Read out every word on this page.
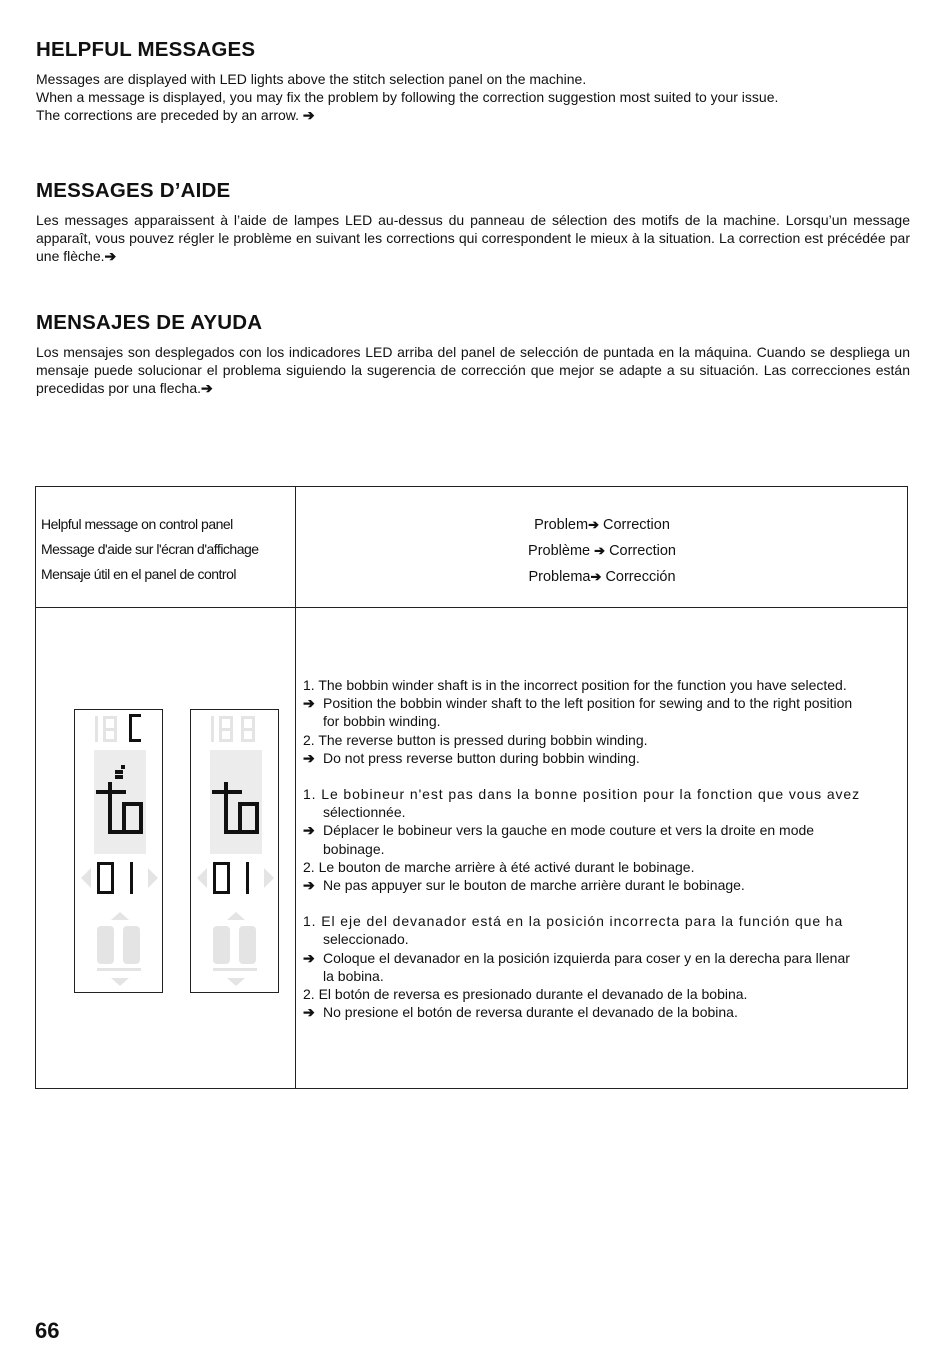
HELPFUL MESSAGES

Messages are displayed with LED lights above the stitch selection panel on the machine.
When a message is displayed, you may fix the problem by following the correction suggestion most suited to your issue.
The corrections are preceded by an arrow. ➔

MESSAGES D’AIDE

Les messages apparaissent à l’aide de lampes LED au-dessus du panneau de sélection des motifs de la machine. Lorsqu’un message apparaît, vous pouvez régler le problème en suivant les corrections qui correspondent le mieux à la situation. La correction est précédée par une flèche.➔

MENSAJES DE AYUDA

Los mensajes son desplegados con los indicadores LED arriba del panel de selección de puntada en la máquina. Cuando se despliega un mensaje puede solucionar el problema siguiendo la sugerencia de corrección que mejor se adapte a su situación. Las correcciones están precedidas por una flecha.➔

Helpful message on control panel
Message d'aide sur l'écran d'affichage
Mensaje útil en el panel de control
Problem➔ Correction
Problème ➔ Correction
Problema➔ Corrección
1. The bobbin winder shaft is in the incorrect position for the function you have selected.
➔ Position the bobbin winder shaft to the left position for sewing and to the right position
for bobbin winding.
2. The reverse button is pressed during bobbin winding.
➔ Do not press reverse button during bobbin winding.
1. Le bobineur n'est pas dans la bonne position pour la fonction que vous avez
sélectionnée.
➔ Déplacer le bobineur vers la gauche en mode couture et vers la droite en mode
bobinage.
2. Le bouton de marche arrière à été activé durant le bobinage.
➔ Ne pas appuyer sur le bouton de marche arrière durant le bobinage.
1. El eje del devanador está en la posición incorrecta para la función que ha
seleccionado.
➔ Coloque el devanador en la posición izquierda para coser y en la derecha para llenar
la bobina.
2. El botón de reversa es presionado durante el devanado de la bobina.
➔ No presione el botón de reversa durante el devanado de la bobina.
66
